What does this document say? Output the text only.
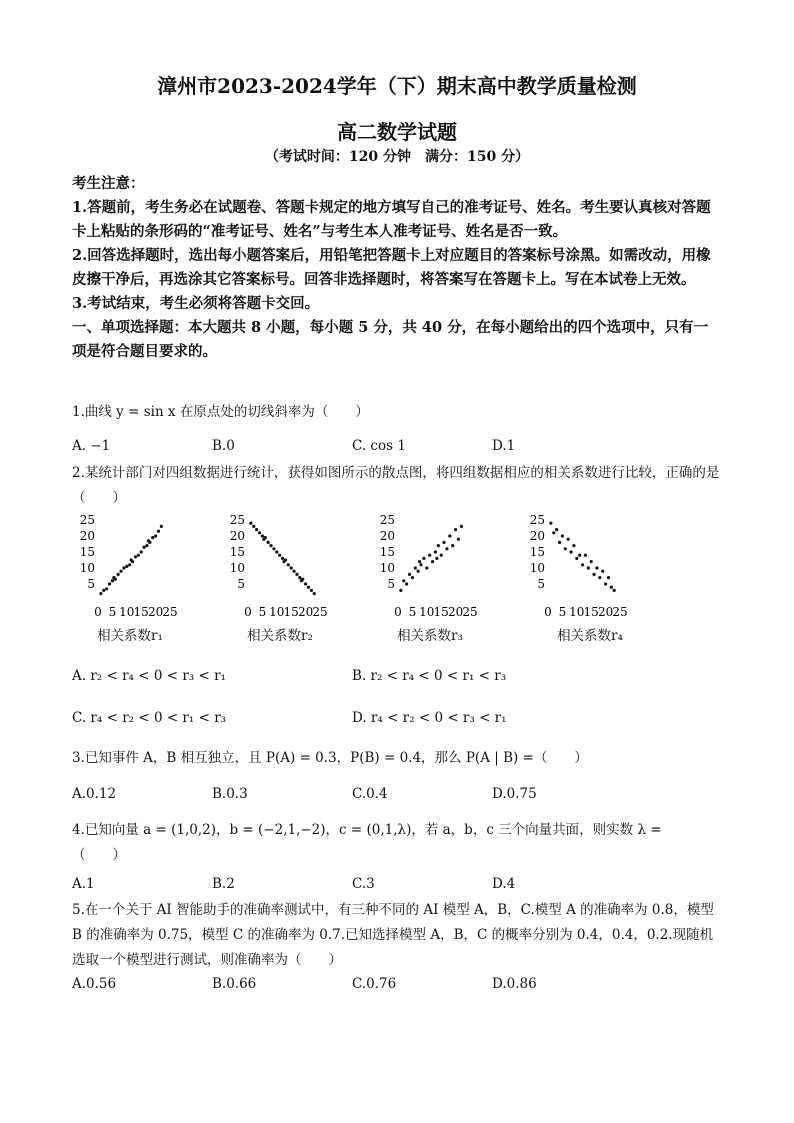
漳州市2023-2024学年（下）期末高中教学质量检测
高二数学试题
（考试时间：120 分钟　满分：150 分）

考生注意：

1.答题前，考生务必在试题卷、答题卡规定的地方填写自己的准考证号、姓名。考生要认真核对答题卡上粘贴的条形码的“准考证号、姓名”与考生本人准考证号、姓名是否一致。

2.回答选择题时，选出每小题答案后，用铅笔把答题卡上对应题目的答案标号涂黑。如需改动，用橡皮擦干净后，再选涂其它答案标号。回答非选择题时，将答案写在答题卡上。写在本试卷上无效。

3.考试结束，考生必须将答题卡交回。

一、单项选择题：本大题共 8 小题，每小题 5 分，共 40 分，在每小题给出的四个选项中，只有一项是符合题目要求的。

1.曲线 y = sin x 在原点处的切线斜率为（　　）

A. −1	B.0	C. cos 1	D.1

2.某统计部门对四组数据进行统计，获得如图所示的散点图，将四组数据相应的相关系数进行比较，正确的是（　　）

5
10
15
20
25
0 5 10 15 20 25
5
10
15
20
25
0 5 10 15 20 25
5
10
15
20
25
0 5 10 15 20 25
5
10
15
20
25
0 5 10 15 20 25
相关系数r₁	相关系数r₂	相关系数r₃	相关系数r₄
A. r₂ < r₄ < 0 < r₃ < r₁	B. r₂ < r₄ < 0 < r₁ < r₃
C. r₄ < r₂ < 0 < r₁ < r₃	D. r₄ < r₂ < 0 < r₃ < r₁

3.已知事件 A，B 相互独立，且 P(A) = 0.3，P(B) = 0.4，那么 P(A | B) =（　　）

A.0.12	B.0.3	C.0.4	D.0.75

4.已知向量 a = (1,0,2)，b = (−2,1,−2)，c = (0,1,λ)，若 a，b，c 三个向量共面，则实数 λ =

（　　）

A.1	B.2	C.3	D.4

5.在一个关于 AI 智能助手的准确率测试中，有三种不同的 AI 模型 A，B，C.模型 A 的准确率为 0.8，模型 B 的准确率为 0.75，模型 C 的准确率为 0.7.已知选择模型 A，B，C 的概率分别为 0.4，0.4，0.2.现随机选取一个模型进行测试，则准确率为（　　）

A.0.56	B.0.66	C.0.76	D.0.86
